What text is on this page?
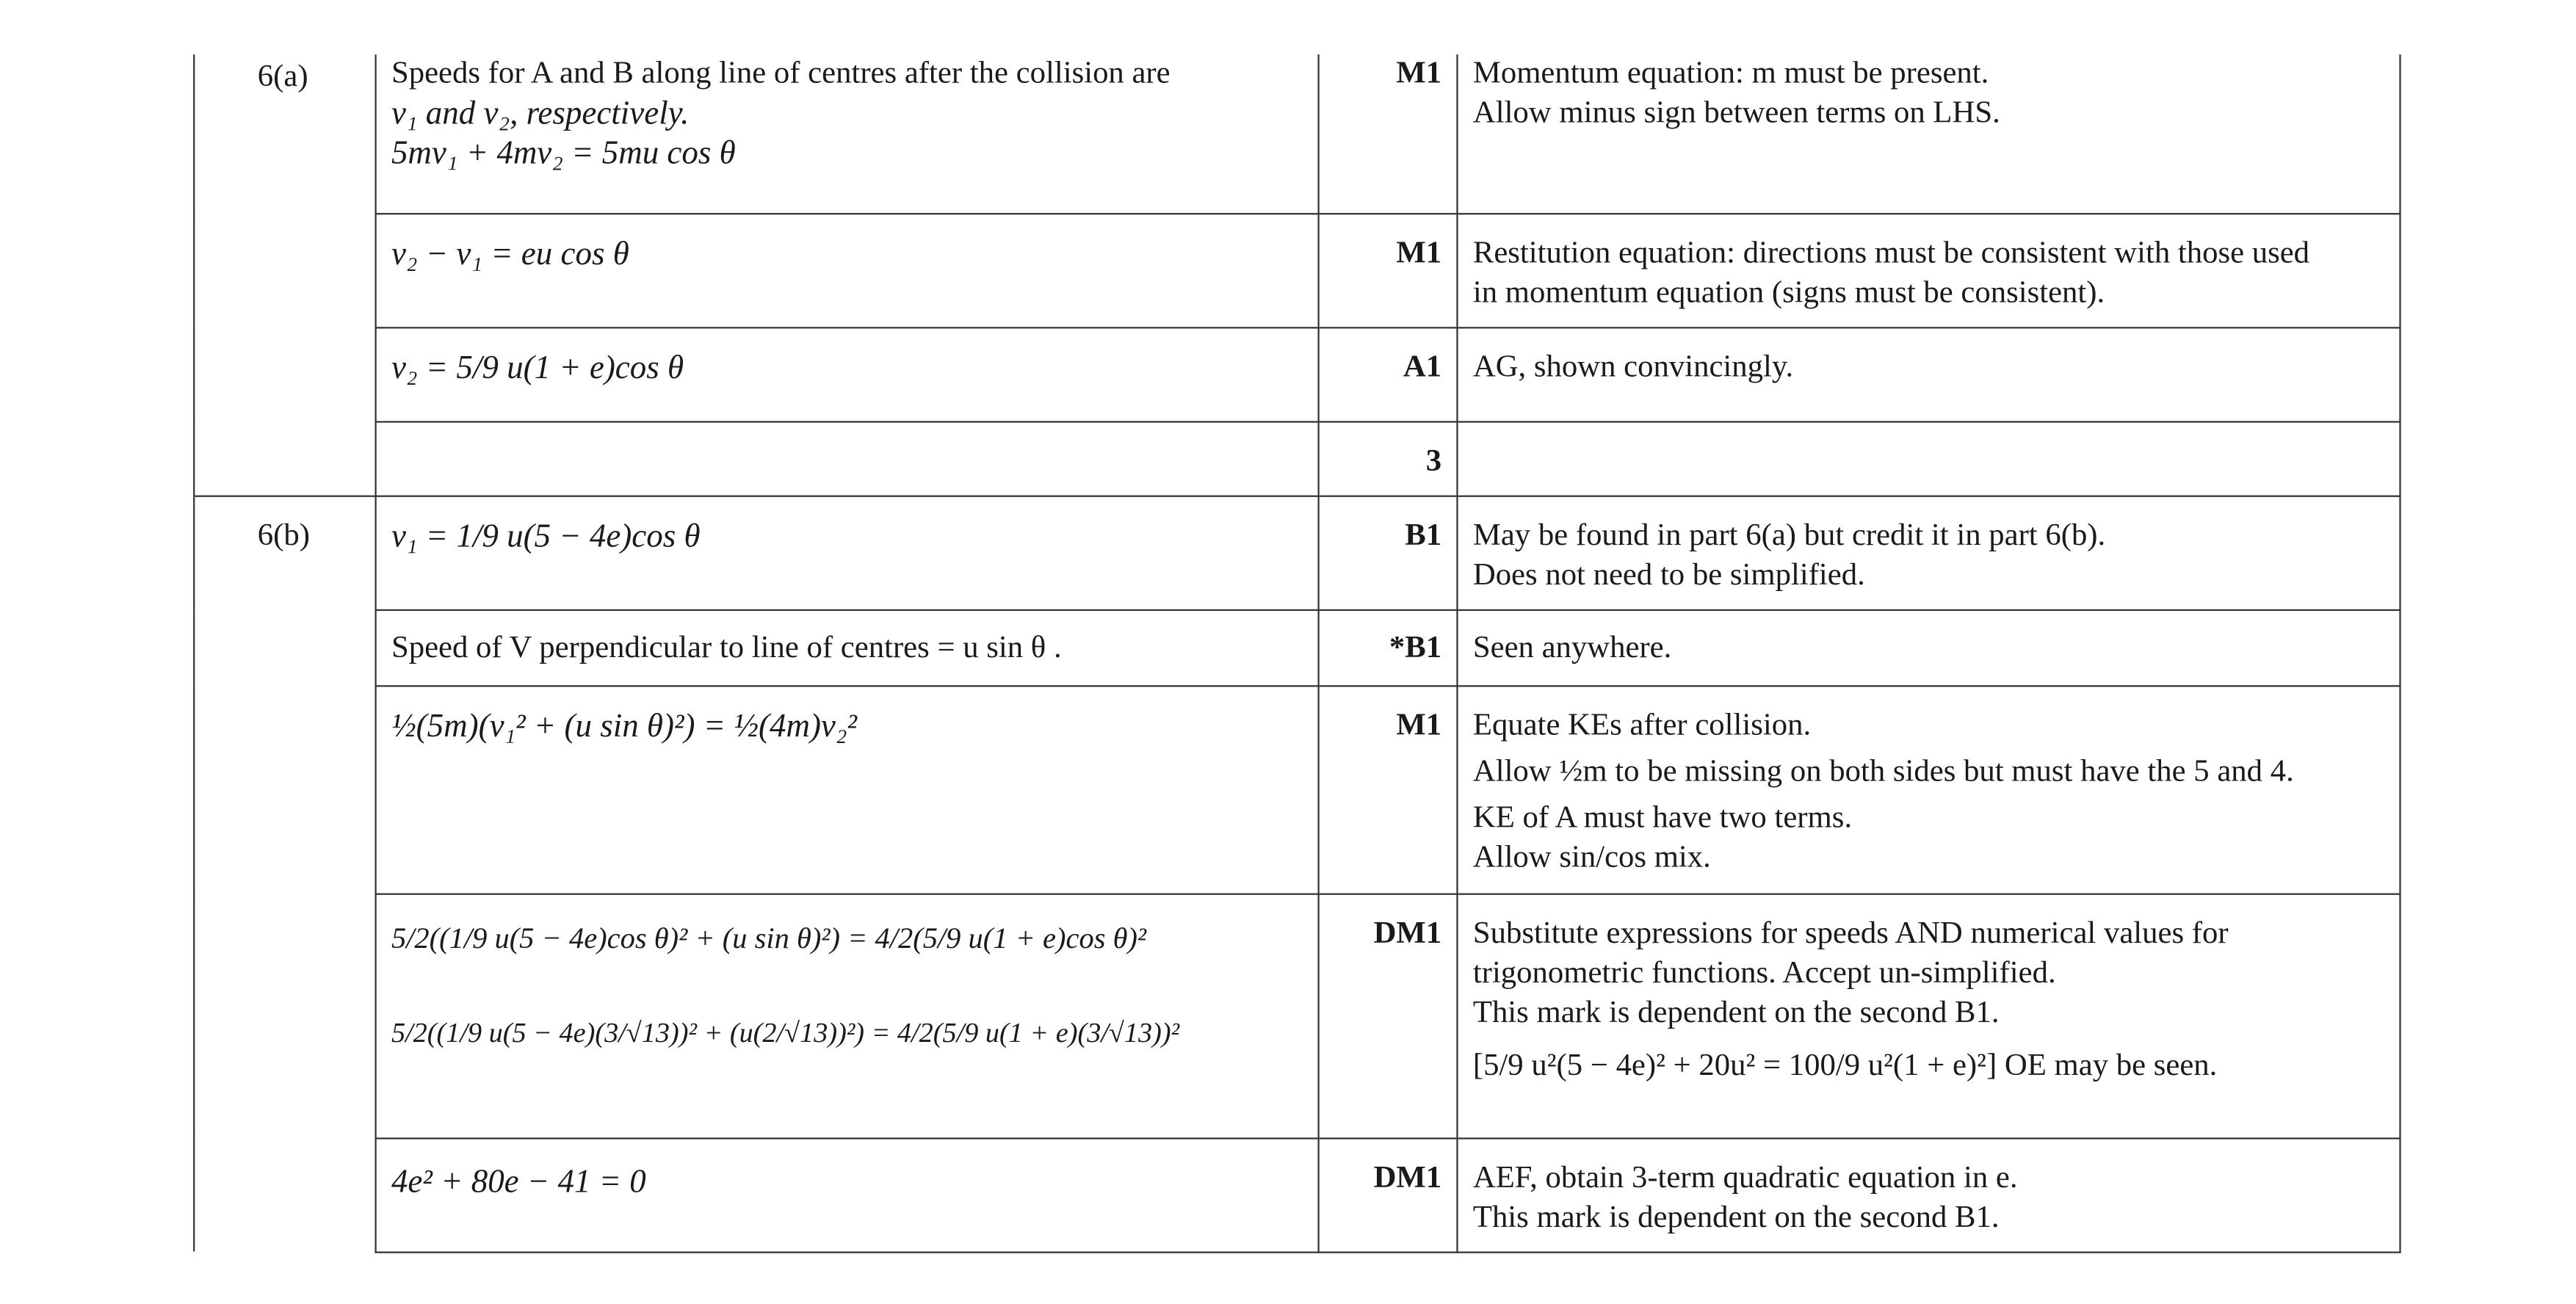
6(a)	Speeds for A and B along line of centres after the collision are
v₁ and v₂, respectively.
5mv₁ + 4mv₂ = 5mu cos θ	M1	Momentum equation: m must be present.
Allow minus sign between terms on LHS.

	v₂ − v₁ = eu cos θ	M1	Restitution equation: directions must be consistent with those used
in momentum equation (signs must be consistent).

	v₂ = 5/9 u(1 + e)cos θ	A1	AG, shown convincingly.

		3	

6(b)	v₁ = 1/9 u(5 − 4e)cos θ	B1	May be found in part 6(a) but credit it in part 6(b).
Does not need to be simplified.

	Speed of V perpendicular to line of centres = u sin θ .	*B1	Seen anywhere.

	½(5m)(v₁² + (u sin θ)²) = ½(4m)v₂²	M1	Equate KEs after collision.
Allow ½m to be missing on both sides but must have the 5 and 4.
KE of A must have two terms.
Allow sin/cos mix.

	5/2((1/9 u(5 − 4e)cos θ)² + (u sin θ)²) = 4/2(5/9 u(1 + e)cos θ)²
5/2((1/9 u(5 − 4e)(3/√13))² + (u(2/√13))²) = 4/2(5/9 u(1 + e)(3/√13))²	DM1	Substitute expressions for speeds AND numerical values for
trigonometric functions. Accept un-simplified.
This mark is dependent on the second B1.
[5/9 u²(5 − 4e)² + 20u² = 100/9 u²(1 + e)²] OE may be seen.

	4e² + 80e − 41 = 0	DM1	AEF, obtain 3-term quadratic equation in e.
This mark is dependent on the second B1.
